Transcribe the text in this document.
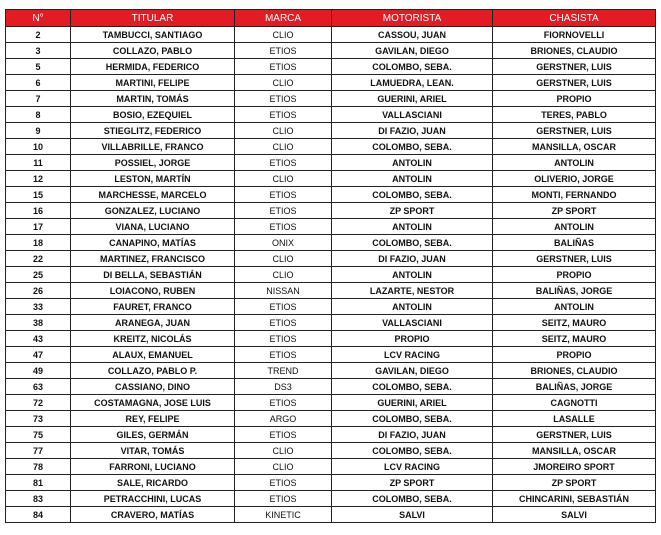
N°	TITULAR	MARCA	MOTORISTA	CHASISTA
2	TAMBUCCI, SANTIAGO	CLIO	CASSOU, JUAN	FIORNOVELLI
3	COLLAZO, PABLO	ETIOS	GAVILAN, DIEGO	BRIONES, CLAUDIO
5	HERMIDA, FEDERICO	ETIOS	COLOMBO, SEBA.	GERSTNER, LUIS
6	MARTINI, FELIPE	CLIO	LAMUEDRA, LEAN.	GERSTNER, LUIS
7	MARTIN, TOMÁS	ETIOS	GUERINI, ARIEL	PROPIO
8	BOSIO, EZEQUIEL	ETIOS	VALLASCIANI	TERES, PABLO
9	STIEGLITZ, FEDERICO	CLIO	DI FAZIO, JUAN	GERSTNER, LUIS
10	VILLABRILLE, FRANCO	CLIO	COLOMBO, SEBA.	MANSILLA, OSCAR
11	POSSIEL, JORGE	ETIOS	ANTOLIN	ANTOLIN
12	LESTON, MARTÍN	CLIO	ANTOLIN	OLIVERIO, JORGE
15	MARCHESSE, MARCELO	ETIOS	COLOMBO, SEBA.	MONTI, FERNANDO
16	GONZALEZ, LUCIANO	ETIOS	ZP SPORT	ZP SPORT
17	VIANA, LUCIANO	ETIOS	ANTOLIN	ANTOLIN
18	CANAPINO, MATÍAS	ONIX	COLOMBO, SEBA.	BALIÑAS
22	MARTINEZ, FRANCISCO	CLIO	DI FAZIO, JUAN	GERSTNER, LUIS
25	DI BELLA, SEBASTIÁN	CLIO	ANTOLIN	PROPIO
26	LOIACONO, RUBEN	NISSAN	LAZARTE, NESTOR	BALIÑAS, JORGE
33	FAURET, FRANCO	ETIOS	ANTOLIN	ANTOLIN
38	ARANEGA, JUAN	ETIOS	VALLASCIANI	SEITZ, MAURO
43	KREITZ, NICOLÁS	ETIOS	PROPIO	SEITZ, MAURO
47	ALAUX, EMANUEL	ETIOS	LCV RACING	PROPIO
49	COLLAZO, PABLO P.	TREND	GAVILAN, DIEGO	BRIONES, CLAUDIO
63	CASSIANO, DINO	DS3	COLOMBO, SEBA.	BALIÑAS, JORGE
72	COSTAMAGNA, JOSE LUIS	ETIOS	GUERINI, ARIEL	CAGNOTTI
73	REY, FELIPE	ARGO	COLOMBO, SEBA.	LASALLE
75	GILES, GERMÁN	ETIOS	DI FAZIO, JUAN	GERSTNER, LUIS
77	VITAR, TOMÁS	CLIO	COLOMBO, SEBA.	MANSILLA, OSCAR
78	FARRONI, LUCIANO	CLIO	LCV RACING	JMOREIRO SPORT
81	SALE, RICARDO	ETIOS	ZP SPORT	ZP SPORT
83	PETRACCHINI, LUCAS	ETIOS	COLOMBO, SEBA.	CHINCARINI, SEBASTIÁN
84	CRAVERO, MATÍAS	KINETIC	SALVI	SALVI
